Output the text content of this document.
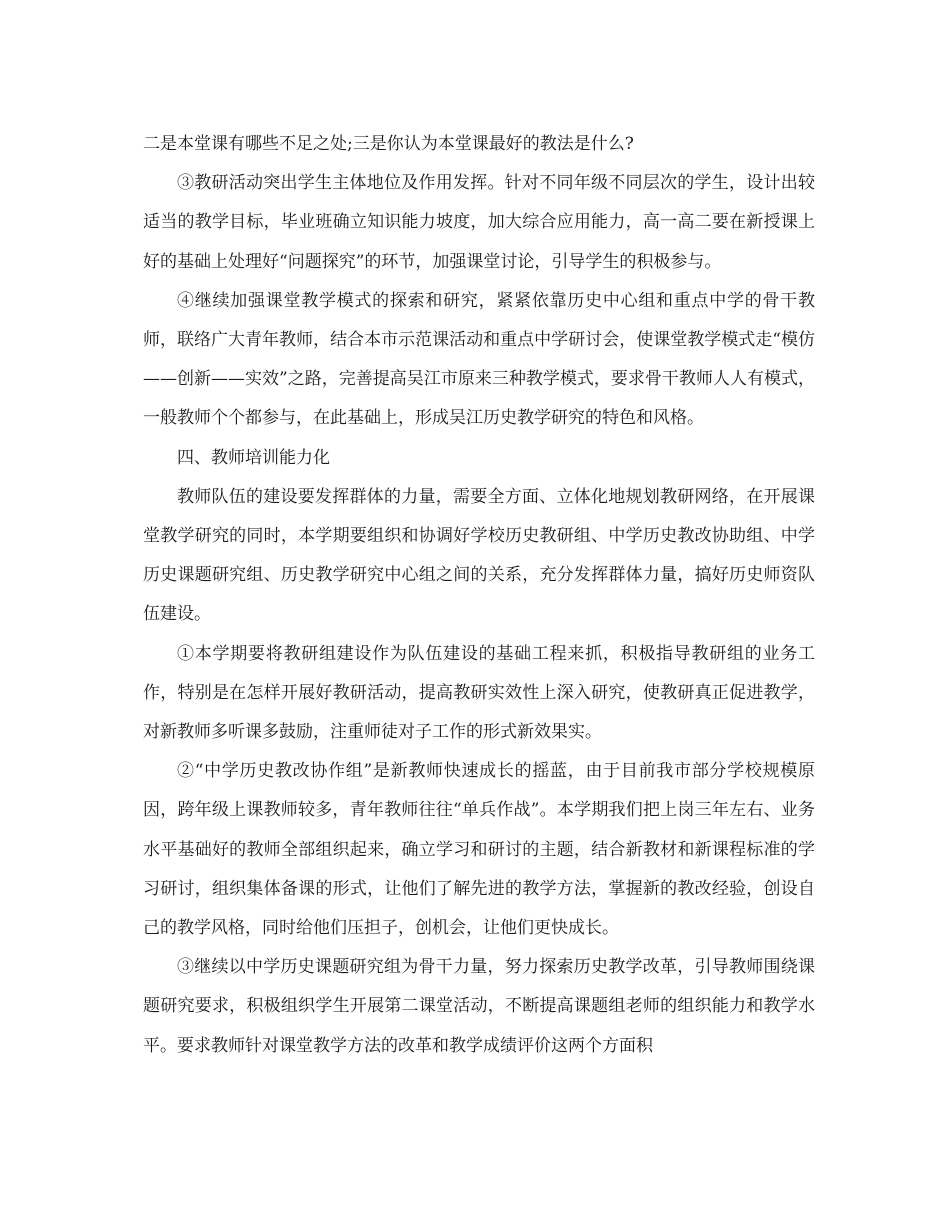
二是本堂课有哪些不足之处;三是你认为本堂课最好的教法是什么?

③教研活动突出学生主体地位及作用发挥。针对不同年级不同层次的学生，设计出较适当的教学目标，毕业班确立知识能力坡度，加大综合应用能力，高一高二要在新授课上好的基础上处理好“问题探究”的环节，加强课堂讨论，引导学生的积极参与。

④继续加强课堂教学模式的探索和研究，紧紧依靠历史中心组和重点中学的骨干教师，联络广大青年教师，结合本市示范课活动和重点中学研讨会，使课堂教学模式走“模仿——创新——实效”之路，完善提高吴江市原来三种教学模式，要求骨干教师人人有模式，一般教师个个都参与，在此基础上，形成吴江历史教学研究的特色和风格。

四、教师培训能力化

教师队伍的建设要发挥群体的力量，需要全方面、立体化地规划教研网络，在开展课堂教学研究的同时，本学期要组织和协调好学校历史教研组、中学历史教改协助组、中学历史课题研究组、历史教学研究中心组之间的关系，充分发挥群体力量，搞好历史师资队伍建设。

①本学期要将教研组建设作为队伍建设的基础工程来抓，积极指导教研组的业务工作，特别是在怎样开展好教研活动，提高教研实效性上深入研究，使教研真正促进教学，对新教师多听课多鼓励，注重师徒对子工作的形式新效果实。

②“中学历史教改协作组”是新教师快速成长的摇蓝，由于目前我市部分学校规模原因，跨年级上课教师较多，青年教师往往“单兵作战”。本学期我们把上岗三年左右、业务水平基础好的教师全部组织起来，确立学习和研讨的主题，结合新教材和新课程标准的学习研讨，组织集体备课的形式，让他们了解先进的教学方法，掌握新的教改经验，创设自己的教学风格，同时给他们压担子，创机会，让他们更快成长。

③继续以中学历史课题研究组为骨干力量，努力探索历史教学改革，引导教师围绕课题研究要求，积极组织学生开展第二课堂活动，不断提高课题组老师的组织能力和教学水平。要求教师针对课堂教学方法的改革和教学成绩评价这两个方面积
